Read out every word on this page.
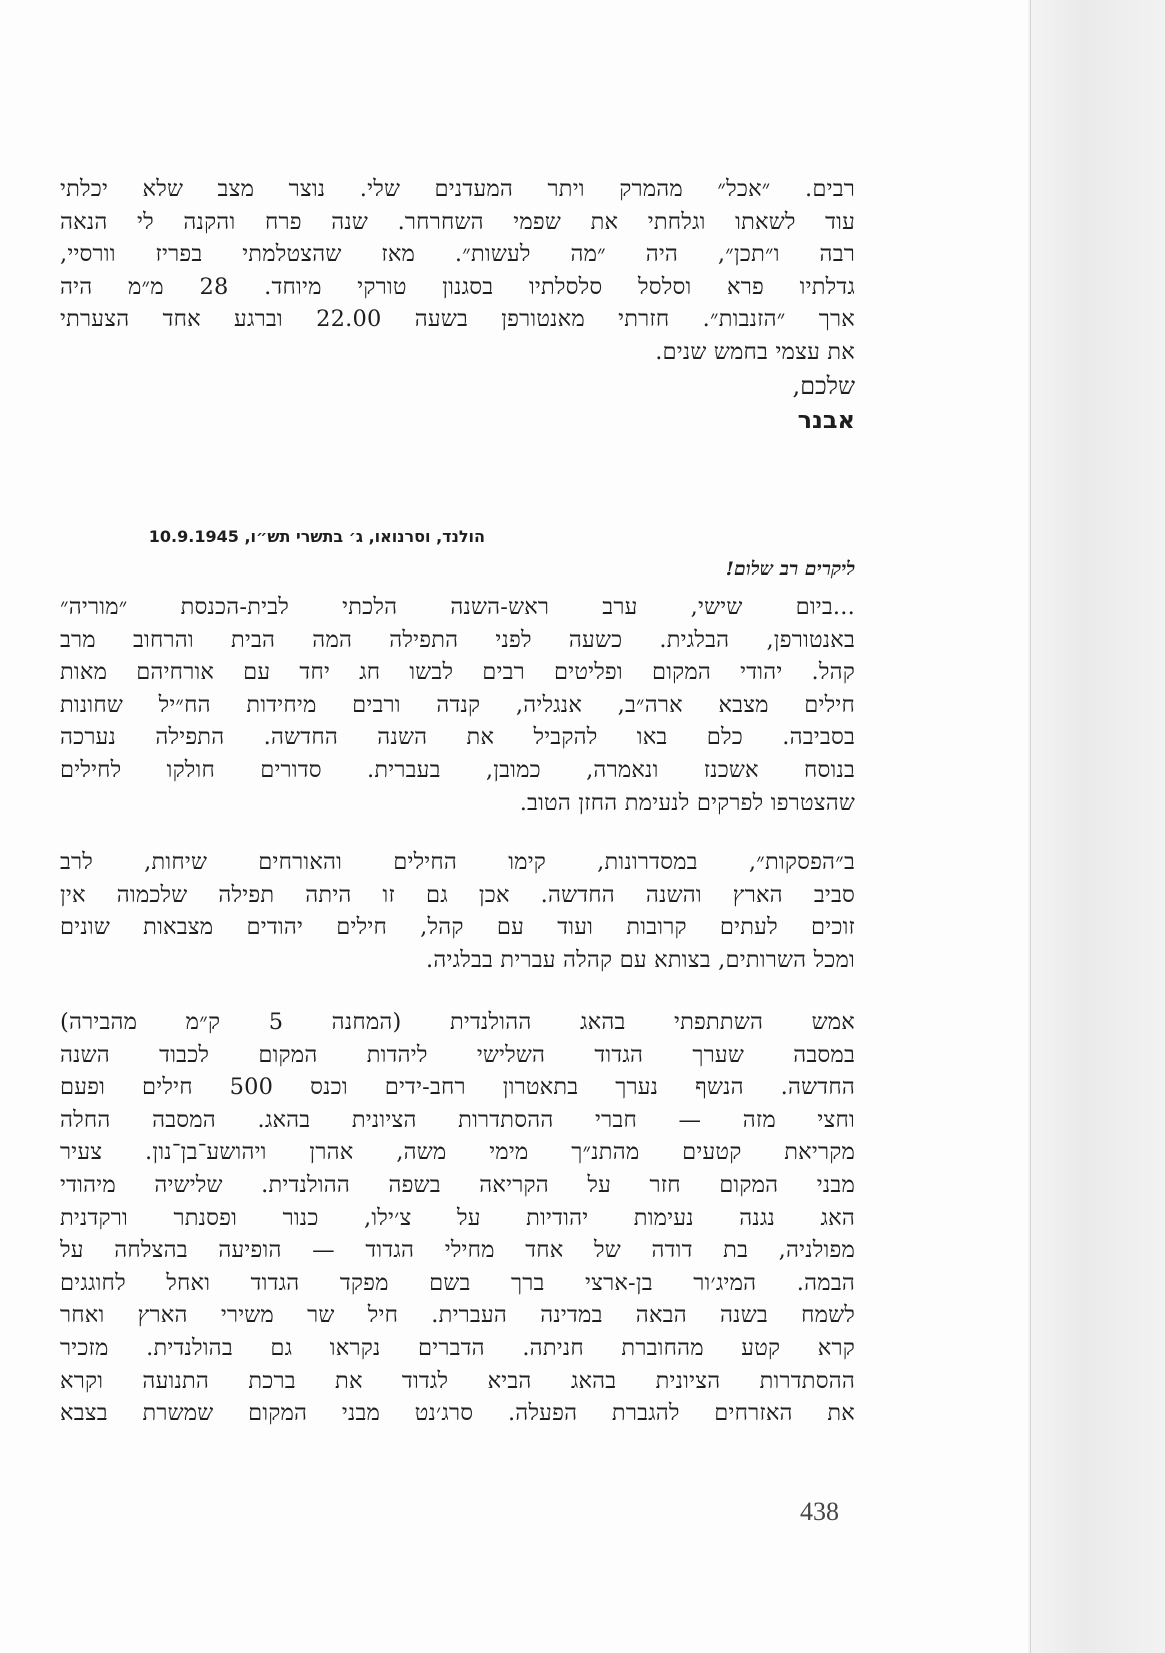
רבים. ״אכל״ מהמרק ויתר המעדנים שלי. נוצר מצב שלא יכלתי
עוד לשאתו וגלחתי את שפמי השחרחר. שנה פרח והקנה לי הנאה
רבה ו״תכן״, היה ״מה לעשות״. מאז שהצטלמתי בפריז וורסיי,
גדלתיו פרא וסלסל סלסלתיו בסגנון טורקי מיוחד. 28 מ״מ היה
ארך ״הזנבות״. חזרתי מאנטורפן בשעה 22.00 וברגע אחד הצערתי
את עצמי בחמש שנים.
שלכם,
אבנר
הולנד, וסרנואו, ג׳ בתשרי תש״ו, 10.9.1945
ליקרים רב שלום!
...ביום שישי, ערב ראש-השנה הלכתי לבית-הכנסת ״מוריה״
באנטורפן, הבלגית. כשעה לפני התפילה המה הבית והרחוב מרב
קהל. יהודי המקום ופליטים רבים לבשו חג יחד עם אורחיהם מאות
חילים מצבא ארה״ב, אנגליה, קנדה ורבים מיחידות הח״יל שחונות
בסביבה. כלם באו להקביל את השנה החדשה. התפילה נערכה
בנוסח אשכנז ונאמרה, כמובן, בעברית. סדורים חולקו לחילים
שהצטרפו לפרקים לנעימת החזן הטוב.
ב״הפסקות״, במסדרונות, קימו החילים והאורחים שיחות, לרב
סביב הארץ והשנה החדשה. אכן גם זו היתה תפילה שלכמוה אין
זוכים לעתים קרובות ועוד עם קהל, חילים יהודים מצבאות שונים
ומכל השרותים, בצותא עם קהלה עברית בבלגיה.
אמש השתתפתי בהאג ההולנדית (המחנה 5 ק״מ מהבירה)
במסבה שערך הגדוד השלישי ליהדות המקום לכבוד השנה
החדשה. הנשף נערך בתאטרון רחב-ידים וכנס 500 חילים ופעם
וחצי מזה — חברי ההסתדרות הציונית בהאג. המסבה החלה
מקריאת קטעים מהתנ״ך מימי משה, אהרן ויהושע־בן־נון. צעיר
מבני המקום חזר על הקריאה בשפה ההולנדית. שלישיה מיהודי
האג נגנה נעימות יהודיות על צ׳ילו, כנור ופסנתר ורקדנית
מפולניה, בת דודה של אחד מחילי הגדוד — הופיעה בהצלחה על
הבמה. המיג׳ור בן-ארצי ברך בשם מפקד הגדוד ואחל לחוגגים
לשמח בשנה הבאה במדינה העברית. חיל שר משירי הארץ ואחר
קרא קטע מהחוברת חניתה. הדברים נקראו גם בהולנדית. מזכיר
ההסתדרות הציונית בהאג הביא לגדוד את ברכת התנועה וקרא
את האזרחים להגברת הפעלה. סרג׳נט מבני המקום שמשרת בצבא
438
